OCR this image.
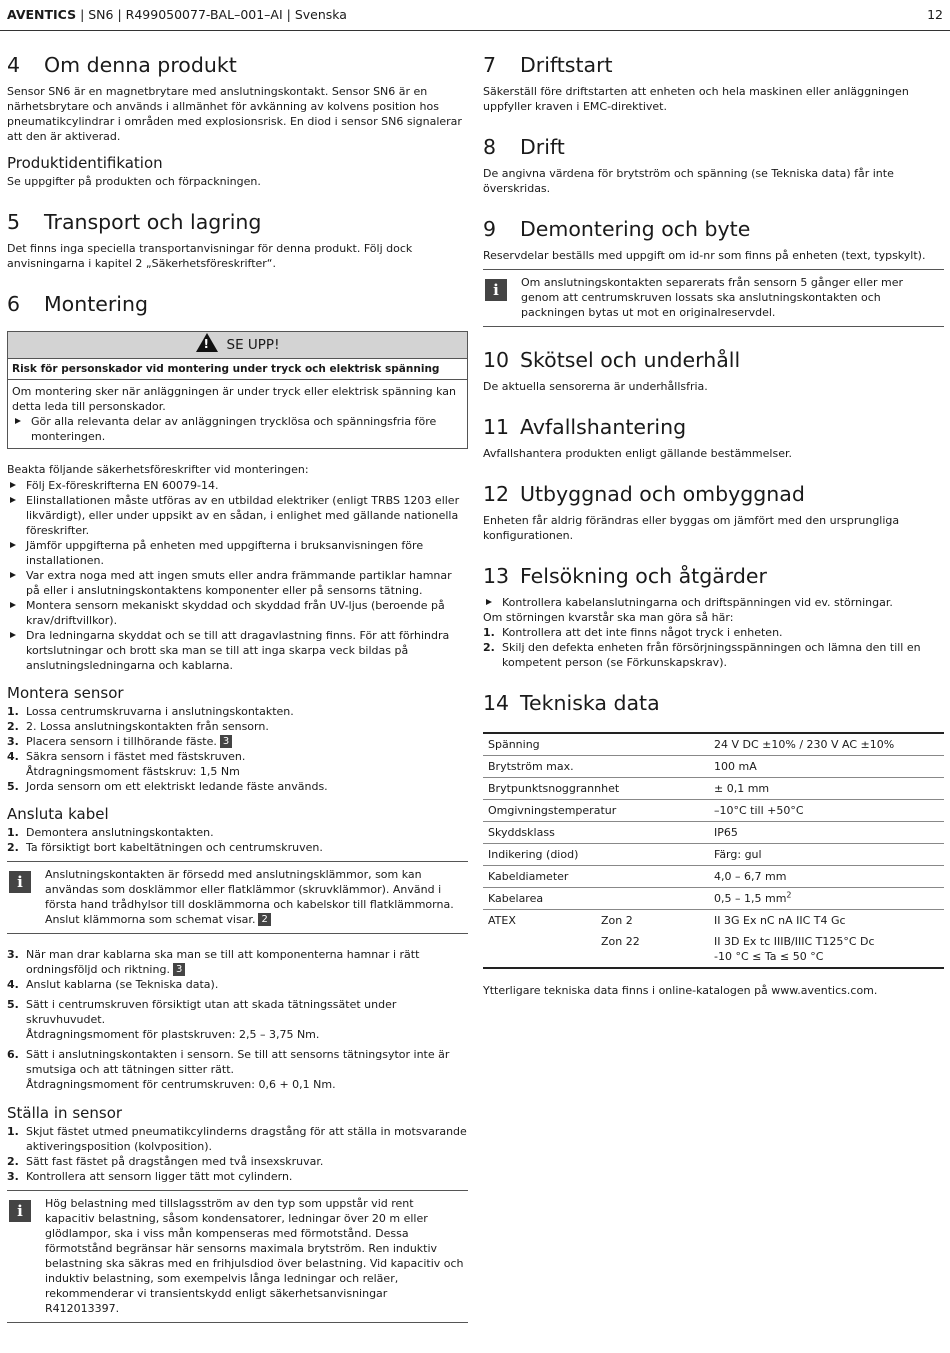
AVENTICS | SN6 | R499050077-BAL–001–AI | Svenska	12
4 Om denna produkt

Sensor SN6 är en magnetbrytare med anslutningskontakt. Sensor SN6 är en närhetsbrytare och används i allmänhet för avkänning av kolvens position hos pneumatikcylindrar i områden med explosionsrisk. En diod i sensor SN6 signalerar att den är aktiverad.

Produktidentifikation

Se uppgifter på produkten och förpackningen.

5 Transport och lagring

Det finns inga speciella transportanvisningar för denna produkt. Följ dock anvisningarna i kapitel 2 „Säkerhetsföreskrifter“.

6 Montering
! SE UPP!
Risk för personskador vid montering under tryck och elektrisk spänning

Om montering sker när anläggningen är under tryck eller elektrisk spänning kan detta leda till personskador.

Gör alla relevanta delar av anläggningen trycklösa och spänningsfria före monteringen.

Beakta följande säkerhetsföreskrifter vid monteringen:

Följ Ex-föreskrifterna EN 60079-14.
Elinstallationen måste utföras av en utbildad elektriker (enligt TRBS 1203 eller likvärdigt), eller under uppsikt av en sådan, i enlighet med gällande nationella föreskrifter.
Jämför uppgifterna på enheten med uppgifterna i bruksanvisningen före installationen.
Var extra noga med att ingen smuts eller andra främmande partiklar hamnar på eller i anslutningskontaktens komponenter eller på sensorns tätning.
Montera sensorn mekaniskt skyddad och skyddad från UV-ljus (beroende på krav/driftvillkor).
Dra ledningarna skyddat och se till att dragavlastning finns. För att förhindra kortslutningar och brott ska man se till att inga skarpa veck bildas på anslutningsledningarna och kablarna.
Montera sensor
1. Lossa centrumskruvarna i anslutningskontakten.
2. 2. Lossa anslutningskontakten från sensorn.
3. Placera sensorn i tillhörande fäste. 3
4. Säkra sensorn i fästet med fästskruven.
Åtdragningsmoment fästskruv: 1,5 Nm
5. Jorda sensorn om ett elektriskt ledande fäste används.
Ansluta kabel
1. Demontera anslutningskontakten.
2. Ta försiktigt bort kabeltätningen och centrumskruven.
i	Anslutningskontakten är försedd med anslutningsklämmor, som kan användas som dosklämmor eller flatklämmor (skruvklämmor). Använd i första hand trådhylsor till dosklämmorna och kabelskor till flatklämmorna. Anslut klämmorna som schemat visar. 2
3. När man drar kablarna ska man se till att komponenterna hamnar i rätt ordningsföljd och riktning. 3
4. Anslut kablarna (se Tekniska data).
5. Sätt i centrumskruven försiktigt utan att skada tätningssätet under skruvhuvudet.
Åtdragningsmoment för plastskruven: 2,5 – 3,75 Nm.
6. Sätt i anslutningskontakten i sensorn. Se till att sensorns tätningsytor inte är smutsiga och att tätningen sitter rätt.
Åtdragningsmoment för centrumskruven: 0,6 + 0,1 Nm.
Ställa in sensor
1. Skjut fästet utmed pneumatikcylinderns dragstång för att ställa in motsvarande aktiveringsposition (kolvposition).
2. Sätt fast fästet på dragstången med två insexskruvar.
3. Kontrollera att sensorn ligger tätt mot cylindern.
i	Hög belastning med tillslagsström av den typ som uppstår vid rent kapacitiv belastning, såsom kondensatorer, ledningar över 20 m eller glödlampor, ska i viss mån kompenseras med förmotstånd. Dessa förmotstånd begränsar här sensorns maximala brytström. Ren induktiv belastning ska säkras med en frihjulsdiod över belastning. Vid kapacitiv och induktiv belastning, som exempelvis långa ledningar och reläer, rekommenderar vi transientskydd enligt säkerhetsanvisningar R412013397.
7 Driftstart

Säkerställ före driftstarten att enheten och hela maskinen eller anläggningen uppfyller kraven i EMC-direktivet.

8 Drift

De angivna värdena för brytström och spänning (se Tekniska data) får inte överskridas.

9 Demontering och byte

Reservdelar beställs med uppgift om id-nr som finns på enheten (text, typskylt).

i	Om anslutningskontakten separerats från sensorn 5 gånger eller mer genom att centrumskruven lossats ska anslutningskontakten och packningen bytas ut mot en originalreservdel.
10 Skötsel och underhåll

De aktuella sensorerna är underhållsfria.

11 Avfallshantering

Avfallshantera produkten enligt gällande bestämmelser.

12 Utbyggnad och ombyggnad

Enheten får aldrig förändras eller byggas om jämfört med den ursprungliga konfigurationen.

13 Felsökning och åtgärder
Kontrollera kabelanslutningarna och driftspänningen vid ev. störningar.

Om störningen kvarstår ska man göra så här:

1. Kontrollera att det inte finns något tryck i enheten.
2. Skilj den defekta enheten från försörjningsspänningen och lämna den till en kompetent person (se Förkunskapskrav).
14 Tekniska data
Spänning		24 V DC ±10% / 230 V AC ±10%
Brytström max.		100 mA
Brytpunktsnoggrannhet		± 0,1 mm
Omgivningstemperatur		–10°C till +50°C
Skyddsklass		IP65
Indikering (diod)		Färg: gul
Kabeldiameter		4,0 – 6,7 mm
Kabelarea		0,5 – 1,5 $mm^2$
ATEX	Zon 2	II 3G Ex nC nA IIC T4 Gc
	Zon 22	II 3D Ex tc IIIB/IIIC T125°C Dc
-10 °C ≤ Ta ≤ 50 °C

Ytterligare tekniska data finns i online-katalogen på www.aventics.com.
